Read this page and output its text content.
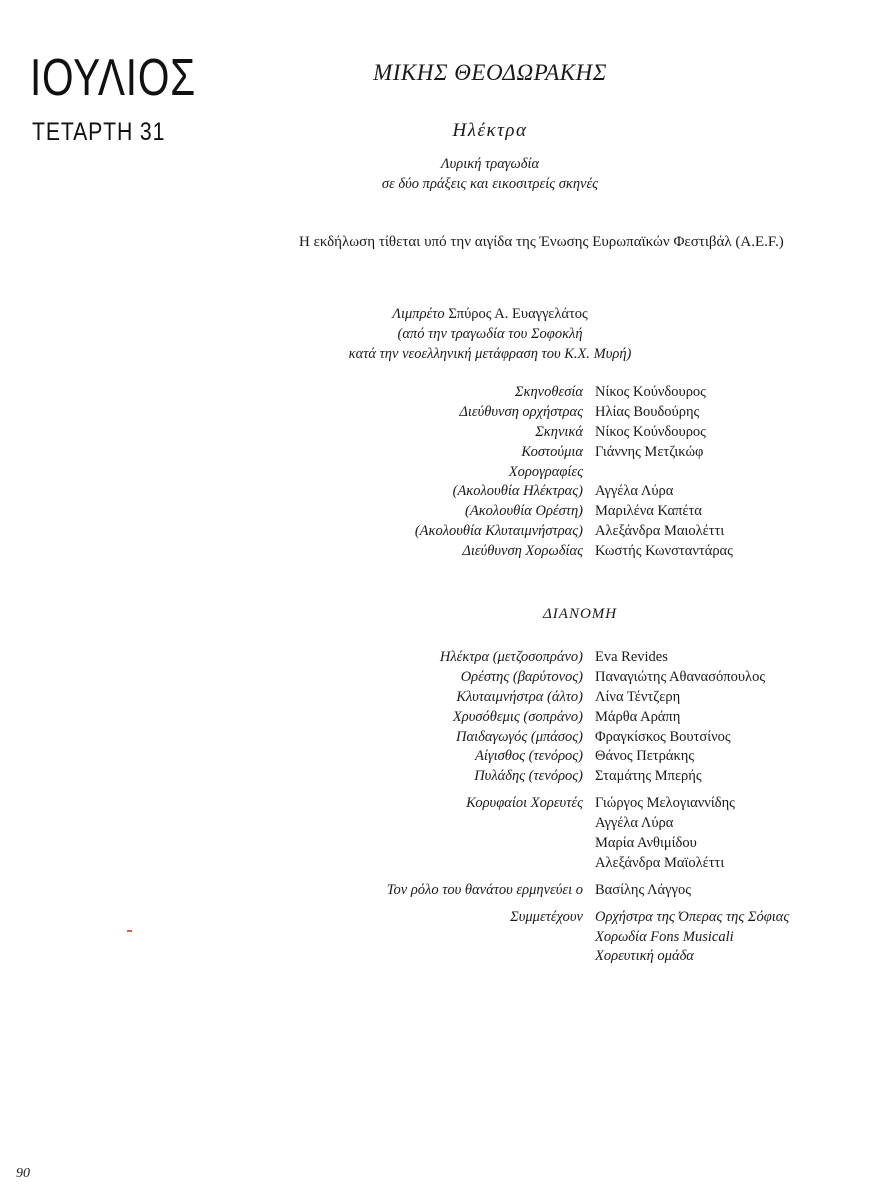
ΙΟΥΛΙΟΣ
ΤΕΤΑΡΤΗ 31
ΜΙΚΗΣ ΘΕΟΔΩΡΑΚΗΣ
Ηλέκτρα
Λυρική τραγωδία
σε δύο πράξεις και εικοσιτρείς σκηνές
Η εκδήλωση τίθεται υπό την αιγίδα της Ένωσης Ευρωπαϊκών Φεστιβάλ (A.E.F.)
Λιμπρέτο Σπύρος Α. Ευαγγελάτος
(από την τραγωδία του Σοφοκλή
κατά την νεοελληνική μετάφραση του Κ.Χ. Μυρή)
Σκηνοθεσία Νίκος Κούνδουρος
Διεύθυνση ορχήστρας Ηλίας Βουδούρης
Σκηνικά Νίκος Κούνδουρος
Κοστούμια Γιάννης Μετζικώφ
Χορογραφίες
(Ακολουθία Ηλέκτρας) Αγγέλα Λύρα
(Ακολουθία Ορέστη) Μαριλένα Καπέτα
(Ακολουθία Κλυταιμνήστρας) Αλεξάνδρα Μαιολέττι
Διεύθυνση Χορωδίας Κωστής Κωνσταντάρας
ΔΙΑΝΟΜΗ
Ηλέκτρα (μετζοσοπράνο) Eva Revides
Ορέστης (βαρύτονος) Παναγιώτης Αθανασόπουλος
Κλυταιμνήστρα (άλτο) Λίνα Τέντζερη
Χρυσόθεμις (σοπράνο) Μάρθα Αράπη
Παιδαγωγός (μπάσος) Φραγκίσκος Βουτσίνος
Αίγισθος (τενόρος) Θάνος Πετράκης
Πυλάδης (τενόρος) Σταμάτης Μπερής
Κορυφαίοι Χορευτές Γιώργος Μελογιαννίδης
Αγγέλα Λύρα
Μαρία Ανθιμίδου
Αλεξάνδρα Μαϊολέττι
Τον ρόλο του θανάτου ερμηνεύει ο Βασίλης Λάγγος
Συμμετέχουν Ορχήστρα της Όπερας της Σόφιας
Χορωδία Fons Musicali
Χορευτική ομάδα
90
